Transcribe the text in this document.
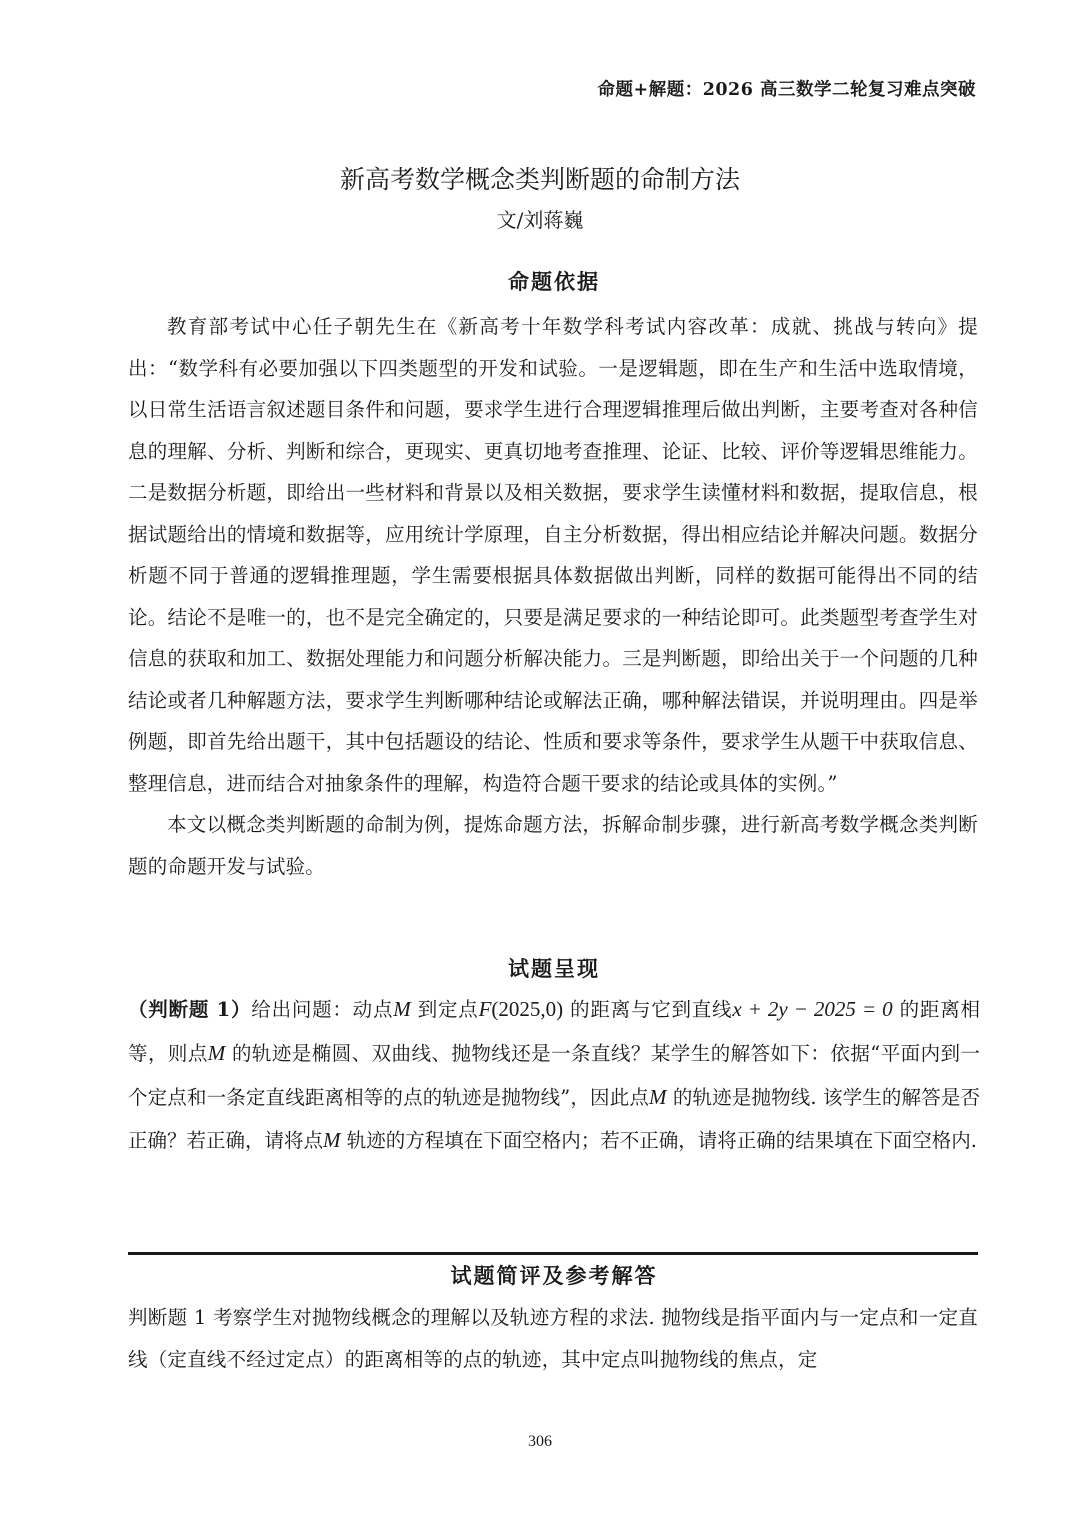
命题+解题：2026 高三数学二轮复习难点突破
新高考数学概念类判断题的命制方法
文/刘蒋巍
命题依据

教育部考试中心任子朝先生在《新高考十年数学科考试内容改革：成就、挑战与转向》提出：“数学科有必要加强以下四类题型的开发和试验。一是逻辑题，即在生产和生活中选取情境，以日常生活语言叙述题目条件和问题，要求学生进行合理逻辑推理后做出判断，主要考查对各种信息的理解、分析、判断和综合，更现实、更真切地考查推理、论证、比较、评价等逻辑思维能力。二是数据分析题，即给出一些材料和背景以及相关数据，要求学生读懂材料和数据，提取信息，根据试题给出的情境和数据等，应用统计学原理，自主分析数据，得出相应结论并解决问题。数据分析题不同于普通的逻辑推理题，学生需要根据具体数据做出判断，同样的数据可能得出不同的结论。结论不是唯一的，也不是完全确定的，只要是满足要求的一种结论即可。此类题型考查学生对信息的获取和加工、数据处理能力和问题分析解决能力。三是判断题，即给出关于一个问题的几种结论或者几种解题方法，要求学生判断哪种结论或解法正确，哪种解法错误，并说明理由。四是举例题，即首先给出题干，其中包括题设的结论、性质和要求等条件，要求学生从题干中获取信息、整理信息，进而结合对抽象条件的理解，构造符合题干要求的结论或具体的实例。”

本文以概念类判断题的命制为例，提炼命题方法，拆解命制步骤，进行新高考数学概念类判断题的命题开发与试验。

试题呈现
（判断题 1）给出问题：动点M 到定点F(2025,0) 的距离与它到直线x + 2y − 2025 = 0 的距离相等，则点M 的轨迹是椭圆、双曲线、抛物线还是一条直线？某学生的解答如下：依据“平面内到一个定点和一条定直线距离相等的点的轨迹是抛物线”，因此点M 的轨迹是抛物线. 该学生的解答是否正确？若正确，请将点M 轨迹的方程填在下面空格内；若不正确，请将正确的结果填在下面空格内.
试题简评及参考解答

判断题 1 考察学生对抛物线概念的理解以及轨迹方程的求法. 抛物线是指平面内与一定点和一定直线（定直线不经过定点）的距离相等的点的轨迹，其中定点叫抛物线的焦点，定

306
